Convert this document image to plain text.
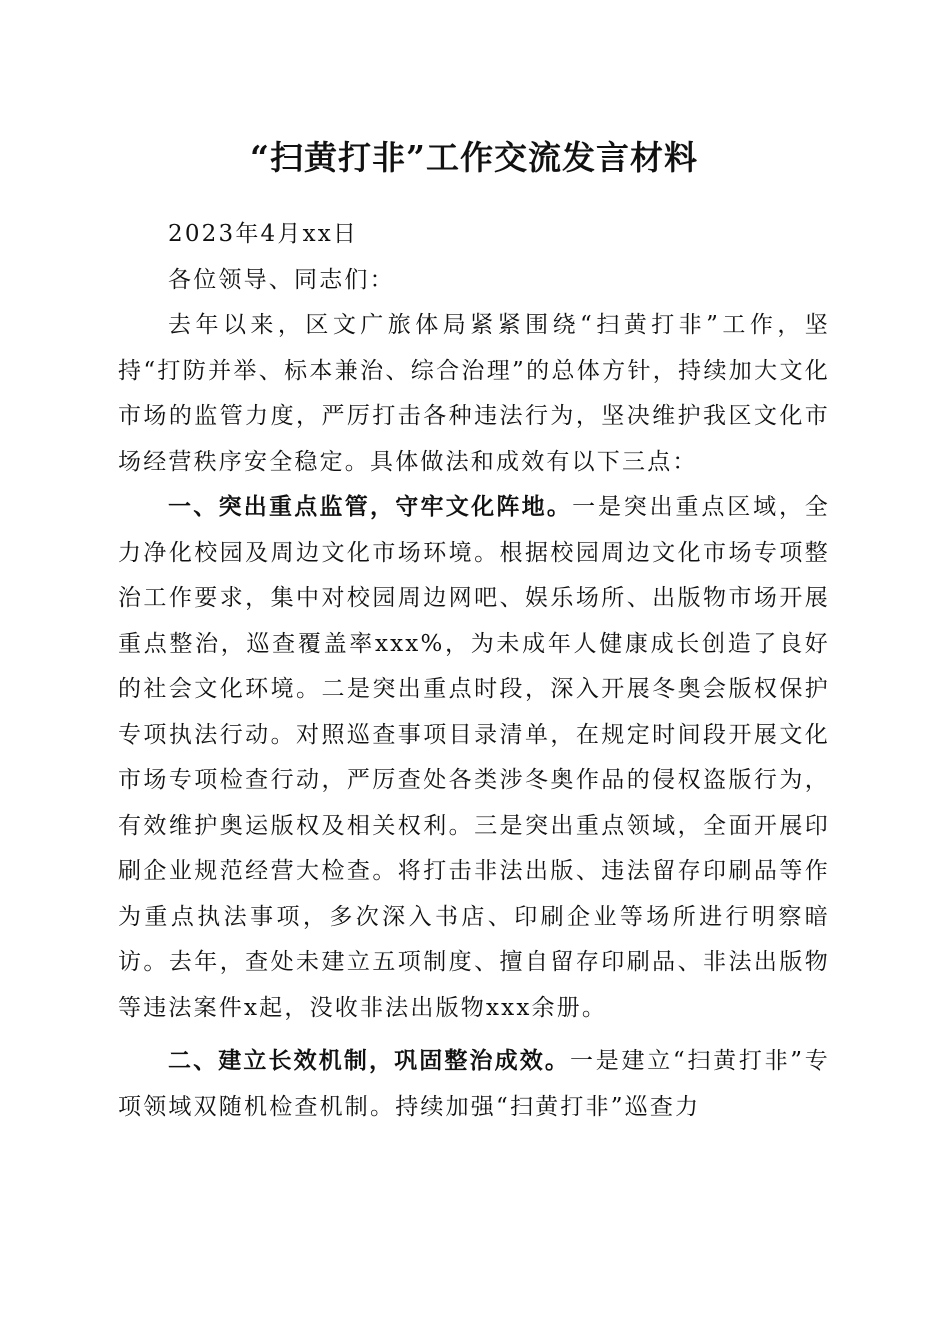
“扫黄打非”工作交流发言材料

2023年4月xx日

各位领导、同志们：

去年以来，区文广旅体局紧紧围绕“扫黄打非”工作，坚持“打防并举、标本兼治、综合治理”的总体方针，持续加大文化市场的监管力度，严厉打击各种违法行为，坚决维护我区文化市场经营秩序安全稳定。具体做法和成效有以下三点：

一、突出重点监管，守牢文化阵地。一是突出重点区域，全力净化校园及周边文化市场环境。根据校园周边文化市场专项整治工作要求，集中对校园周边网吧、娱乐场所、出版物市场开展重点整治，巡查覆盖率xxx%，为未成年人健康成长创造了良好的社会文化环境。二是突出重点时段，深入开展冬奥会版权保护专项执法行动。对照巡查事项目录清单，在规定时间段开展文化市场专项检查行动，严厉查处各类涉冬奥作品的侵权盗版行为，有效维护奥运版权及相关权利。三是突出重点领域，全面开展印刷企业规范经营大检查。将打击非法出版、违法留存印刷品等作为重点执法事项，多次深入书店、印刷企业等场所进行明察暗访。去年，查处未建立五项制度、擅自留存印刷品、非法出版物等违法案件x起，没收非法出版物xxx余册。

二、建立长效机制，巩固整治成效。一是建立“扫黄打非”专项领域双随机检查机制。持续加强“扫黄打非”巡查力
